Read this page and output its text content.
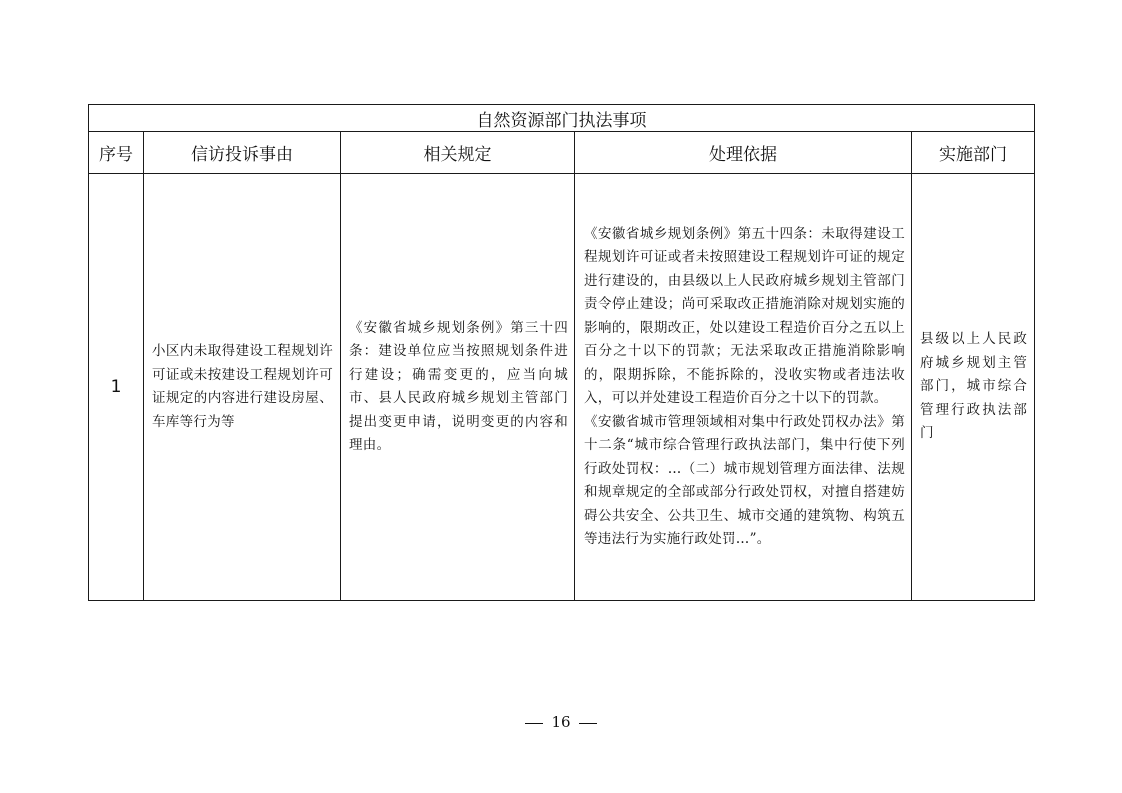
自然资源部门执法事项				
序号	信访投诉事由	相关规定	处理依据	实施部门
1	小区内未取得建设工程规划许可证或未按建设工程规划许可证规定的内容进行建设房屋、车库等行为等	《安徽省城乡规划条例》第三十四条：建设单位应当按照规划条件进行建设；确需变更的，应当向城市、县人民政府城乡规划主管部门提出变更申请，说明变更的内容和理由。	《安徽省城乡规划条例》第五十四条：未取得建设工程规划许可证或者未按照建设工程规划许可证的规定进行建设的，由县级以上人民政府城乡规划主管部门责令停止建设；尚可采取改正措施消除对规划实施的影响的，限期改正，处以建设工程造价百分之五以上百分之十以下的罚款；无法采取改正措施消除影响的，限期拆除，不能拆除的，没收实物或者违法收入，可以并处建设工程造价百分之十以下的罚款。
《安徽省城市管理领域相对集中行政处罚权办法》第十二条“城市综合管理行政执法部门，集中行使下列行政处罚权：…（二）城市规划管理方面法律、法规和规章规定的全部或部分行政处罚权，对擅自搭建妨碍公共安全、公共卫生、城市交通的建筑物、构筑五等违法行为实施行政处罚…”。	县级以上人民政府城乡规划主管部门，城市综合管理行政执法部门
16
